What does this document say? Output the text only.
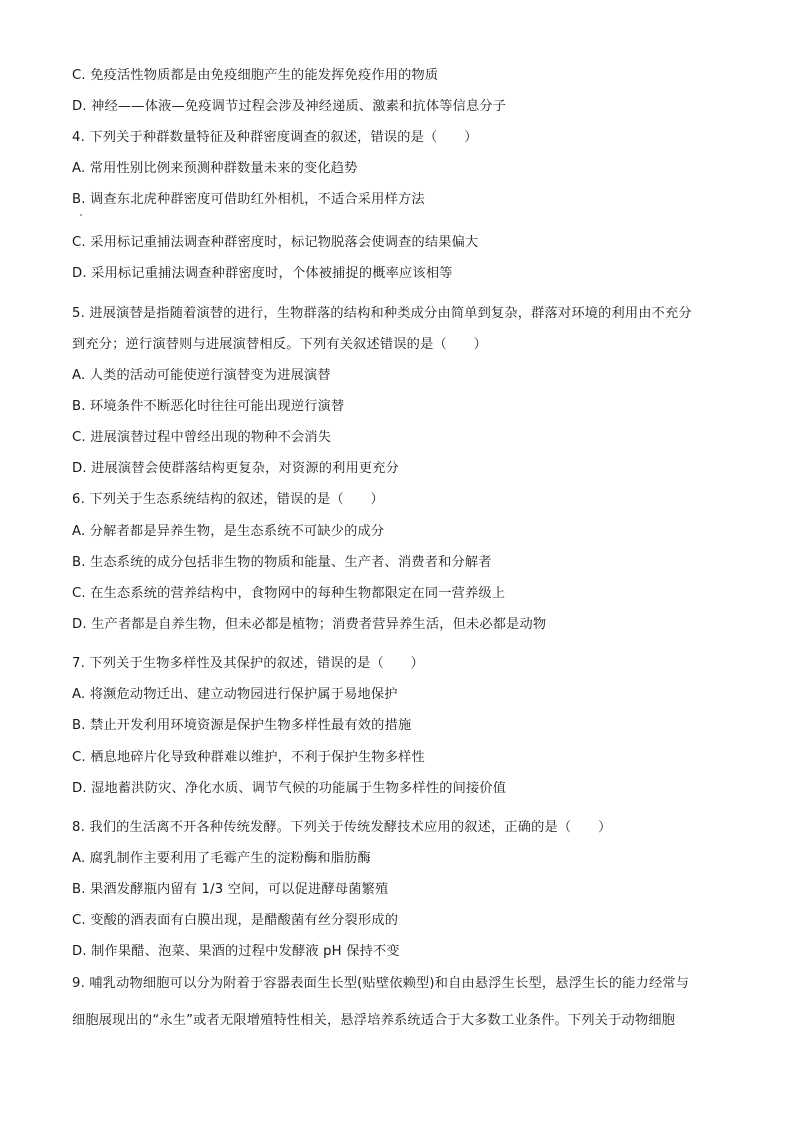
C. 免疫活性物质都是由免疫细胞产生的能发挥免疫作用的物质
D. 神经——体液—免疫调节过程会涉及神经递质、激素和抗体等信息分子
4. 下列关于种群数量特征及种群密度调查的叙述，错误的是（　　）
A. 常用性别比例来预测种群数量未来的变化趋势
B. 调查东北虎种群密度可借助红外相机，不适合采用样方法
C. 采用标记重捕法调查种群密度时，标记物脱落会使调查的结果偏大
D. 采用标记重捕法调查种群密度时，个体被捕捉的概率应该相等
5. 进展演替是指随着演替的进行，生物群落的结构和种类成分由简单到复杂，群落对环境的利用由不充分
到充分；逆行演替则与进展演替相反。下列有关叙述错误的是（　　）
A. 人类的活动可能使逆行演替变为进展演替
B. 环境条件不断恶化时往往可能出现逆行演替
C. 进展演替过程中曾经出现的物种不会消失
D. 进展演替会使群落结构更复杂，对资源的利用更充分
6. 下列关于生态系统结构的叙述，错误的是（　　）
A. 分解者都是异养生物，是生态系统不可缺少的成分
B. 生态系统的成分包括非生物的物质和能量、生产者、消费者和分解者
C. 在生态系统的营养结构中，食物网中的每种生物都限定在同一营养级上
D. 生产者都是自养生物，但未必都是植物；消费者营异养生活，但未必都是动物
7. 下列关于生物多样性及其保护的叙述，错误的是（　　）
A. 将濒危动物迁出、建立动物园进行保护属于易地保护
B. 禁止开发利用环境资源是保护生物多样性最有效的措施
C. 栖息地碎片化导致种群难以维护，不利于保护生物多样性
D. 湿地蓄洪防灾、净化水质、调节气候的功能属于生物多样性的间接价值
8. 我们的生活离不开各种传统发酵。下列关于传统发酵技术应用的叙述，正确的是（　　）
A. 腐乳制作主要利用了毛霉产生的淀粉酶和脂肪酶
B. 果酒发酵瓶内留有 1/3 空间，可以促进酵母菌繁殖
C. 变酸的酒表面有白膜出现，是醋酸菌有丝分裂形成的
D. 制作果醋、泡菜、果酒的过程中发酵液 pH 保持不变
9. 哺乳动物细胞可以分为附着于容器表面生长型(贴壁依赖型)和自由悬浮生长型，悬浮生长的能力经常与
细胞展现出的“永生”或者无限增殖特性相关，悬浮培养系统适合于大多数工业条件。下列关于动物细胞
